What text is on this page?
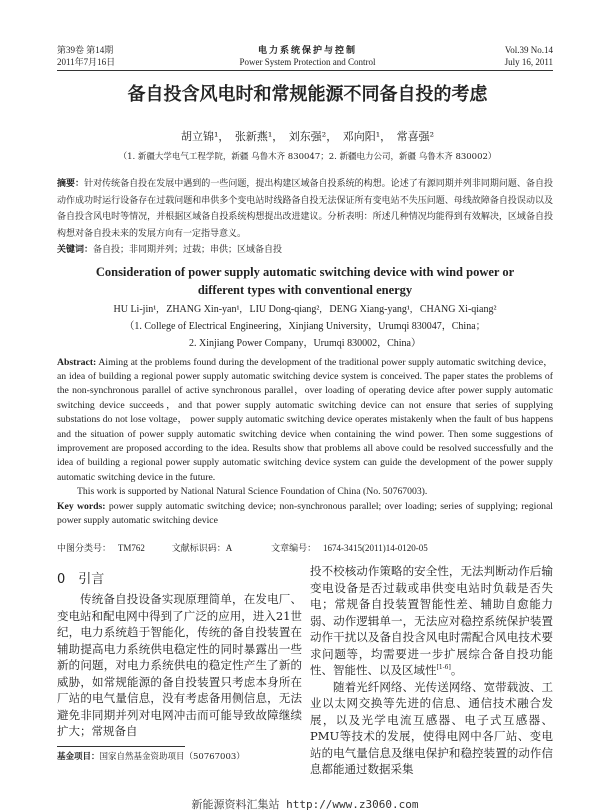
第39卷 第14期
2011年7月16日
电力系统保护与控制
Power System Protection and Control
Vol.39 No.14
July 16, 2011
备自投含风电时和常规能源不同备自投的考虑
胡立锦¹，　张新燕¹，　刘东强²，　邓向阳¹，　常喜强²
（1. 新疆大学电气工程学院，新疆 乌鲁木齐 830047；2. 新疆电力公司，新疆 乌鲁木齐 830002）
摘要：针对传统备自投在发展中遇到的一些问题，提出构建区域备自投系统的构想。论述了有源同期并列非同期问题、备自投动作成功时运行设备存在过载问题和串供多个变电站时线路备自投无法保证所有变电站不失压问题、母线故障备自投误动以及备自投含风电时等情况，并根据区域备自投系统构想提出改进建议。分析表明：所述几种情况均能得到有效解决，区域备自投构想对备自投未来的发展方向有一定指导意义。
关键词：备自投；非同期并列；过载；串供；区域备自投
Consideration of power supply automatic switching device with wind power or different types with conventional energy
HU Li-jin¹,   ZHANG Xin-yan¹,   LIU Dong-qiang²,   DENG Xiang-yang¹,   CHANG Xi-qiang²
（1. College of Electrical Engineering，Xinjiang University，Urumqi 830047，China；
2. Xinjiang Power Company，Urumqi 830002，China）
Abstract: Aiming at the problems found during the development of the traditional power supply automatic switching device， an idea of building a regional power supply automatic switching device system is conceived. The paper states the problems of the non-synchronous parallel of active synchronous parallel，over loading of operating device after power supply automatic switching device succeeds，and that power supply automatic switching device can not ensure that series of supplying substations do not lose voltage， power supply automatic switching device operates mistakenly when the fault of bus happens and the situation of power supply automatic switching device when containing the wind power. Then some suggestions of improvement are proposed according to the idea. Results show that problems all above could be resolved successfully and the idea of building a regional power supply automatic switching device system can guide the development of the power supply automatic switching device in the future.

This work is supported by National Natural Science Foundation of China (No. 50767003).

Key words: power supply automatic switching device; non-synchronous parallel; over loading; series of supplying; regional power supply automatic switching device

中图分类号： TM762	文献标识码：A	文章编号： 1674-3415(2011)14-0120-05
0　引言
传统备自投设备实现原理简单，在发电厂、变电站和配电网中得到了广泛的应用，进入21世纪，电力系统趋于智能化，传统的备自投装置在辅助提高电力系统供电稳定性的同时暴露出一些新的问题，对电力系统供电的稳定性产生了新的威胁，如常规能源的备自投装置只考虑本身所在厂站的电气量信息，没有考虑备用侧信息，无法避免非同期并列对电网冲击而可能导致故障继续扩大；常规备自
基金项目：国家自然基金资助项目（50767003）

投不校核动作策略的安全性，无法判断动作后输变电设备是否过载或串供变电站时负载是否失电；常规备自投装置智能性差、辅助自愈能力弱、动作逻辑单一，无法应对稳控系统保护装置动作干扰以及备自投含风电时需配合风电技术要求问题等，均需要进一步扩展综合备自投功能性、智能性、以及区域性[1-6]。

随着光纤网络、光传送网络、宽带载波、工业以太网交换等先进的信息、通信技术融合发展，以及光学电流互感器、电子式互感器、PMU等技术的发展，使得电网中各厂站、变电站的电气量信息及继电保护和稳控装置的动作信息都能通过数据采集

新能源资料汇集站 http://www.z3060.com
